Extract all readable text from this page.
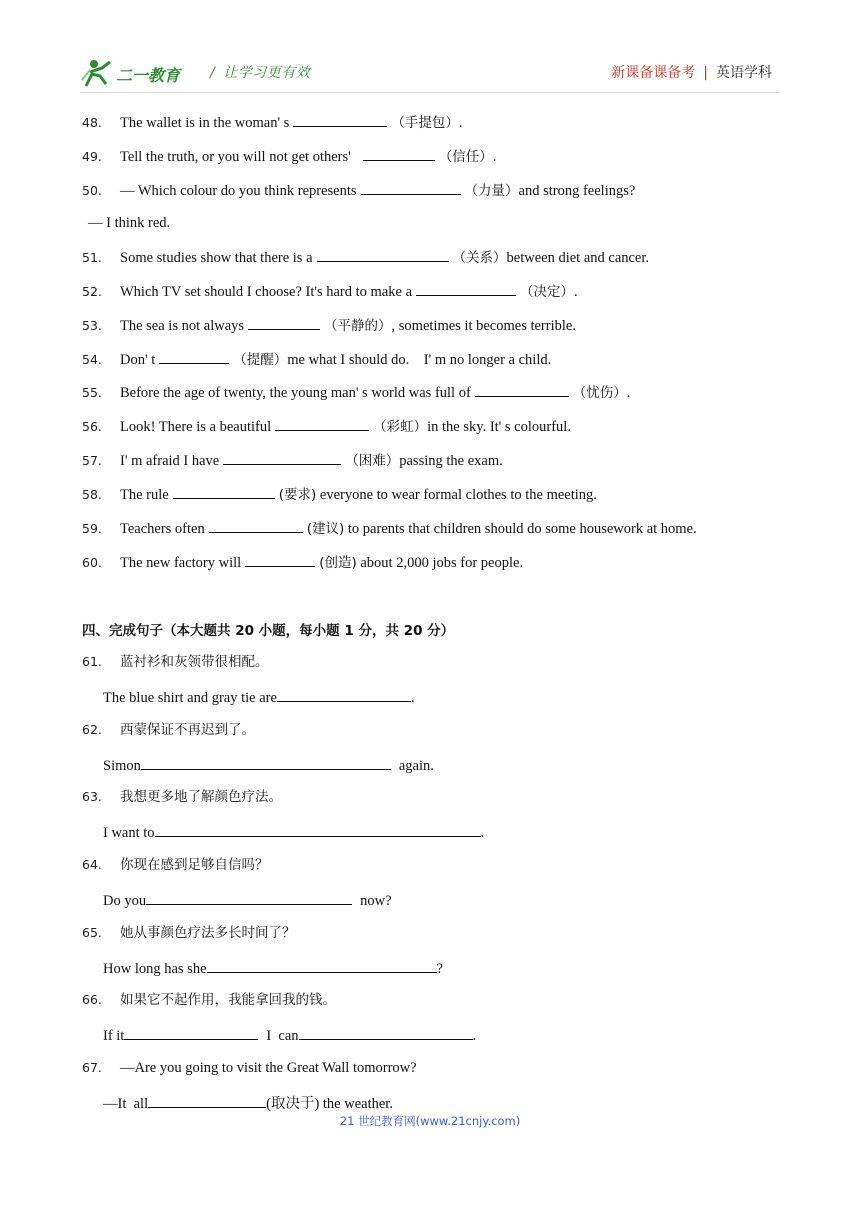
二一教育 / 让学习更有效	新课备课备考 | 英语学科
48. The wallet is in the woman' s	（手提包）.
49. Tell the truth, or you will not get others'	（信任）.
50. — Which colour do you think represents	（力量）and strong feelings?
— I think red.
51. Some studies show that there is a	（关系）between diet and cancer.
52. Which TV set should I choose? It's hard to make a	（决定）.
53. The sea is not always	（平静的）, sometimes it becomes terrible.
54. Don' t	（提醒）me what I should do.    I' m no longer a child.
55. Before the age of twenty, the young man' s world was full of	（忧伤）.
56. Look! There is a beautiful	（彩虹）in the sky. It' s colourful.
57. I' m afraid I have	（困难）passing the exam.
58. The rule	(要求) everyone to wear formal clothes to the meeting.
59. Teachers often	(建议) to parents that children should do some housework at home.
60. The new factory will	(创造) about 2,000 jobs for people.
四、完成句子（本大题共 20 小题，每小题 1 分，共 20 分）
61. 蓝衬衫和灰领带很相配。
The blue shirt and gray tie are	.
62. 西蒙保证不再迟到了。
Simon	again.
63. 我想更多地了解颜色疗法。
I want to	.
64. 你现在感到足够自信吗？
Do you	now?
65. 她从事颜色疗法多长时间了？
How long has she	?
66. 如果它不起作用，我能拿回我的钱。
If it	I  can	.
67. —Are you going to visit the Great Wall tomorrow?
—It  all	(取决于) the weather.
21 世纪教育网(www.21cnjy.com)
